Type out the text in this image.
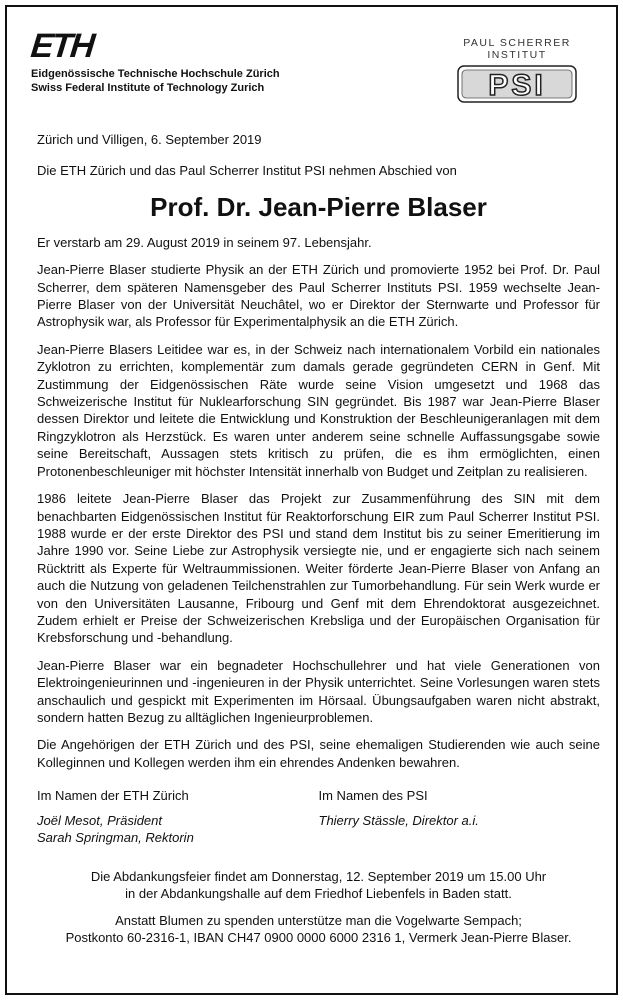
ETH
Eidgenössische Technische Hochschule Zürich
Swiss Federal Institute of Technology Zurich
PAUL SCHERRER INSTITUT
PSI
Zürich und Villigen, 6. September 2019
Die ETH Zürich und das Paul Scherrer Institut PSI nehmen Abschied von
Prof. Dr. Jean-Pierre Blaser
Er verstarb am 29. August 2019 in seinem 97. Lebensjahr.

Jean-Pierre Blaser studierte Physik an der ETH Zürich und promovierte 1952 bei Prof. Dr. Paul Scherrer, dem späteren Namensgeber des Paul Scherrer Instituts PSI. 1959 wechselte Jean-Pierre Blaser von der Universität Neuchâtel, wo er Direktor der Sternwarte und Professor für Astrophysik war, als Professor für Experimentalphysik an die ETH Zürich.

Jean-Pierre Blasers Leitidee war es, in der Schweiz nach internationalem Vorbild ein nationales Zyklotron zu errichten, komplementär zum damals gerade gegründeten CERN in Genf. Mit Zustimmung der Eidgenössischen Räte wurde seine Vision umgesetzt und 1968 das Schweizerische Institut für Nuklearforschung SIN gegründet. Bis 1987 war Jean-Pierre Blaser dessen Direktor und leitete die Entwicklung und Konstruktion der Beschleunigeranlagen mit dem Ringzyklotron als Herzstück. Es waren unter anderem seine schnelle Auffassungsgabe sowie seine Bereitschaft, Aussagen stets kritisch zu prüfen, die es ihm ermöglichten, einen Protonenbeschleuniger mit höchster Intensität innerhalb von Budget und Zeitplan zu realisieren.

1986 leitete Jean-Pierre Blaser das Projekt zur Zusammenführung des SIN mit dem benachbarten Eidgenössischen Institut für Reaktorforschung EIR zum Paul Scherrer Institut PSI. 1988 wurde er der erste Direktor des PSI und stand dem Institut bis zu seiner Emeritierung im Jahre 1990 vor. Seine Liebe zur Astrophysik versiegte nie, und er engagierte sich nach seinem Rücktritt als Experte für Weltraummissionen. Weiter förderte Jean-Pierre Blaser von Anfang an auch die Nutzung von geladenen Teilchenstrahlen zur Tumorbehandlung. Für sein Werk wurde er von den Universitäten Lausanne, Fribourg und Genf mit dem Ehrendoktorat ausgezeichnet. Zudem erhielt er Preise der Schweizerischen Krebsliga und der Europäischen Organisation für Krebsforschung und -behandlung.

Jean-Pierre Blaser war ein begnadeter Hochschullehrer und hat viele Generationen von Elektroingenieurinnen und -ingenieuren in der Physik unterrichtet. Seine Vorlesungen waren stets anschaulich und gespickt mit Experimenten im Hörsaal. Übungsaufgaben waren nicht abstrakt, sondern hatten Bezug zu alltäglichen Ingenieurproblemen.

Die Angehörigen der ETH Zürich und des PSI, seine ehemaligen Studierenden wie auch seine Kolleginnen und Kollegen werden ihm ein ehrendes Andenken bewahren.

Im Namen der ETH Zürich
Joël Mesot, Präsident
Sarah Springman, Rektorin
Im Namen des PSI
Thierry Stässle, Direktor a.i.
Die Abdankungsfeier findet am Donnerstag, 12. September 2019 um 15.00 Uhr
in der Abdankungshalle auf dem Friedhof Liebenfels in Baden statt.
Anstatt Blumen zu spenden unterstütze man die Vogelwarte Sempach;
Postkonto 60-2316-1, IBAN CH47 0900 0000 6000 2316 1, Vermerk Jean-Pierre Blaser.
